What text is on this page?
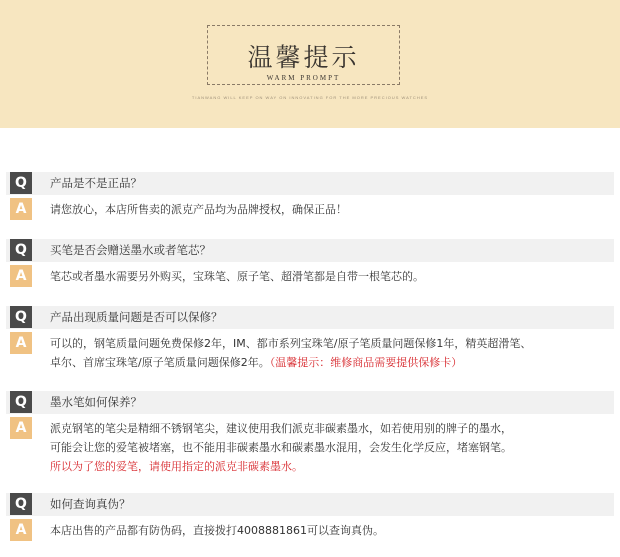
温馨提示
WARM PROMPT
TIANWANG WILL KEEP ON WAY ON INNOVATING FOR THE MORE PRECIOUS WATCHES
Q	产品是不是正品？
A	请您放心，本店所售卖的派克产品均为品牌授权，确保正品！
Q	买笔是否会赠送墨水或者笔芯？
A	笔芯或者墨水需要另外购买，宝珠笔、原子笔、超滑笔都是自带一根笔芯的。
Q	产品出现质量问题是否可以保修？
A	可以的，钢笔质量问题免费保修2年，IM、都市系列宝珠笔/原子笔质量问题保修1年，精英超滑笔、
卓尔、首席宝珠笔/原子笔质量问题保修2年。（温馨提示：维修商品需要提供保修卡）
Q	墨水笔如何保养？
A	派克钢笔的笔尖是精细不锈钢笔尖，建议使用我们派克非碳素墨水，如若使用别的牌子的墨水，
可能会让您的爱笔被堵塞，也不能用非碳素墨水和碳素墨水混用，会发生化学反应，堵塞钢笔。
所以为了您的爱笔，请使用指定的派克非碳素墨水。
Q	如何查询真伪？
A	本店出售的产品都有防伪码，直接拨打4008881861可以查询真伪。
